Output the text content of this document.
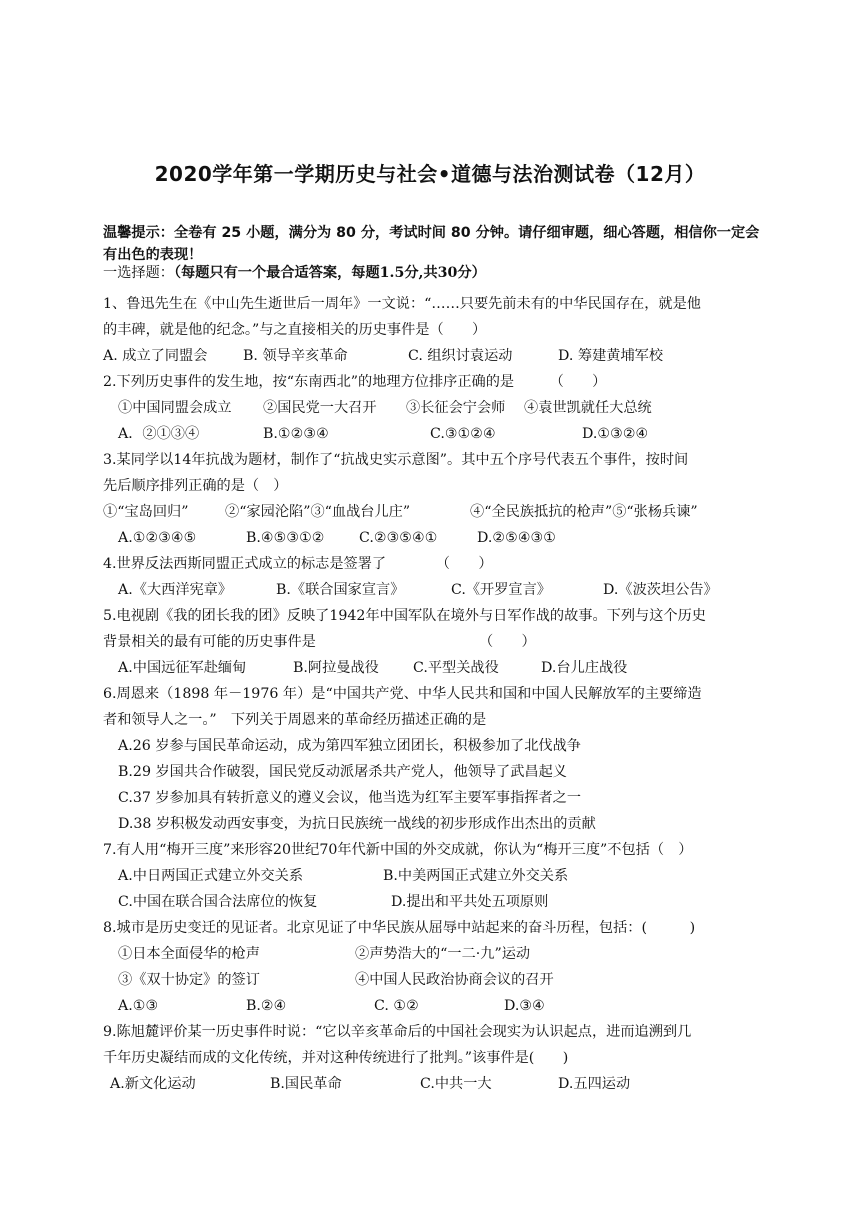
2020学年第一学期历史与社会•道德与法治测试卷（12月）
温馨提示：全卷有 25 小题，满分为 80 分，考试时间 80 分钟。请仔细审题，细心答题，相信你一定会有出色的表现！
一选择题：（每题只有一个最合适答案，每题1.5分,共30分）
1、鲁迅先生在《中山先生逝世后一周年》一文说：“……只要先前未有的中华民国存在，就是他
的丰碑，就是他的纪念。”与之直接相关的历史事件是（　　）
A. 成立了同盟会	B. 领导辛亥革命	C. 组织讨袁运动	D. 筹建黄埔军校
2.下列历史事件的发生地，按“东南西北”的地理方位排序正确的是　　　（　　）
①中国同盟会成立 ②国民党一大召开 ③长征会宁会师 ④袁世凯就任大总统
A．②①③④	B.①②③④	C.③①②④	D.①③②④
3.某同学以14年抗战为题材，制作了“抗战史实示意图”。其中五个序号代表五个事件，按时间
先后顺序排列正确的是（　）
①“宝岛回归”	②“家园沦陷”③“血战台儿庄”	④“全民族抵抗的枪声”⑤“张杨兵谏”
A.①②③④⑤	B.④⑤③①② C.②③⑤④①	D.②⑤④③①
4.世界反法西斯同盟正式成立的标志是签署了　　　　（　　）
A.《大西洋宪章》	B.《联合国家宣言》	C.《开罗宣言》	D.《波茨坦公告》
5.电视剧《我的团长我的团》反映了1942年中国军队在境外与日军作战的故事。下列与这个历史
背景相关的最有可能的历史事件是　　　　　　　　　　　　（　　）
A.中国远征军赴缅甸	B.阿拉曼战役 C.平型关战役	D.台儿庄战役
6.周恩来（1898 年－1976 年）是“中国共产党、中华人民共和国和中国人民解放军的主要缔造
者和领导人之一。”　下列关于周恩来的革命经历描述正确的是
A.26 岁参与国民革命运动，成为第四军独立团团长，积极参加了北伐战争
B.29 岁国共合作破裂，国民党反动派屠杀共产党人，他领导了武昌起义
C.37 岁参加具有转折意义的遵义会议，他当选为红军主要军事指挥者之一
D.38 岁积极发动西安事变，为抗日民族统一战线的初步形成作出杰出的贡献
7.有人用“梅开三度”来形容20世纪70年代新中国的外交成就，你认为“梅开三度”不包括（　）
A.中日两国正式建立外交关系	B.中美两国正式建立外交关系
C.中国在联合国合法席位的恢复	D.提出和平共处五项原则
8.城市是历史变迁的见证者。北京见证了中华民族从屈辱中站起来的奋斗历程，包括：(　　　)
①日本全面侵华的枪声	②声势浩大的“一二·九”运动
③《双十协定》的签订	④中国人民政治协商会议的召开
A.①③	B.②④	C. ①②	D.③④
9.陈旭麓评价某一历史事件时说：“它以辛亥革命后的中国社会现实为认识起点，进而追溯到几
千年历史凝结而成的文化传统，并对这种传统进行了批判。”该事件是(　　)
A.新文化运动	B.国民革命	C.中共一大	D.五四运动
